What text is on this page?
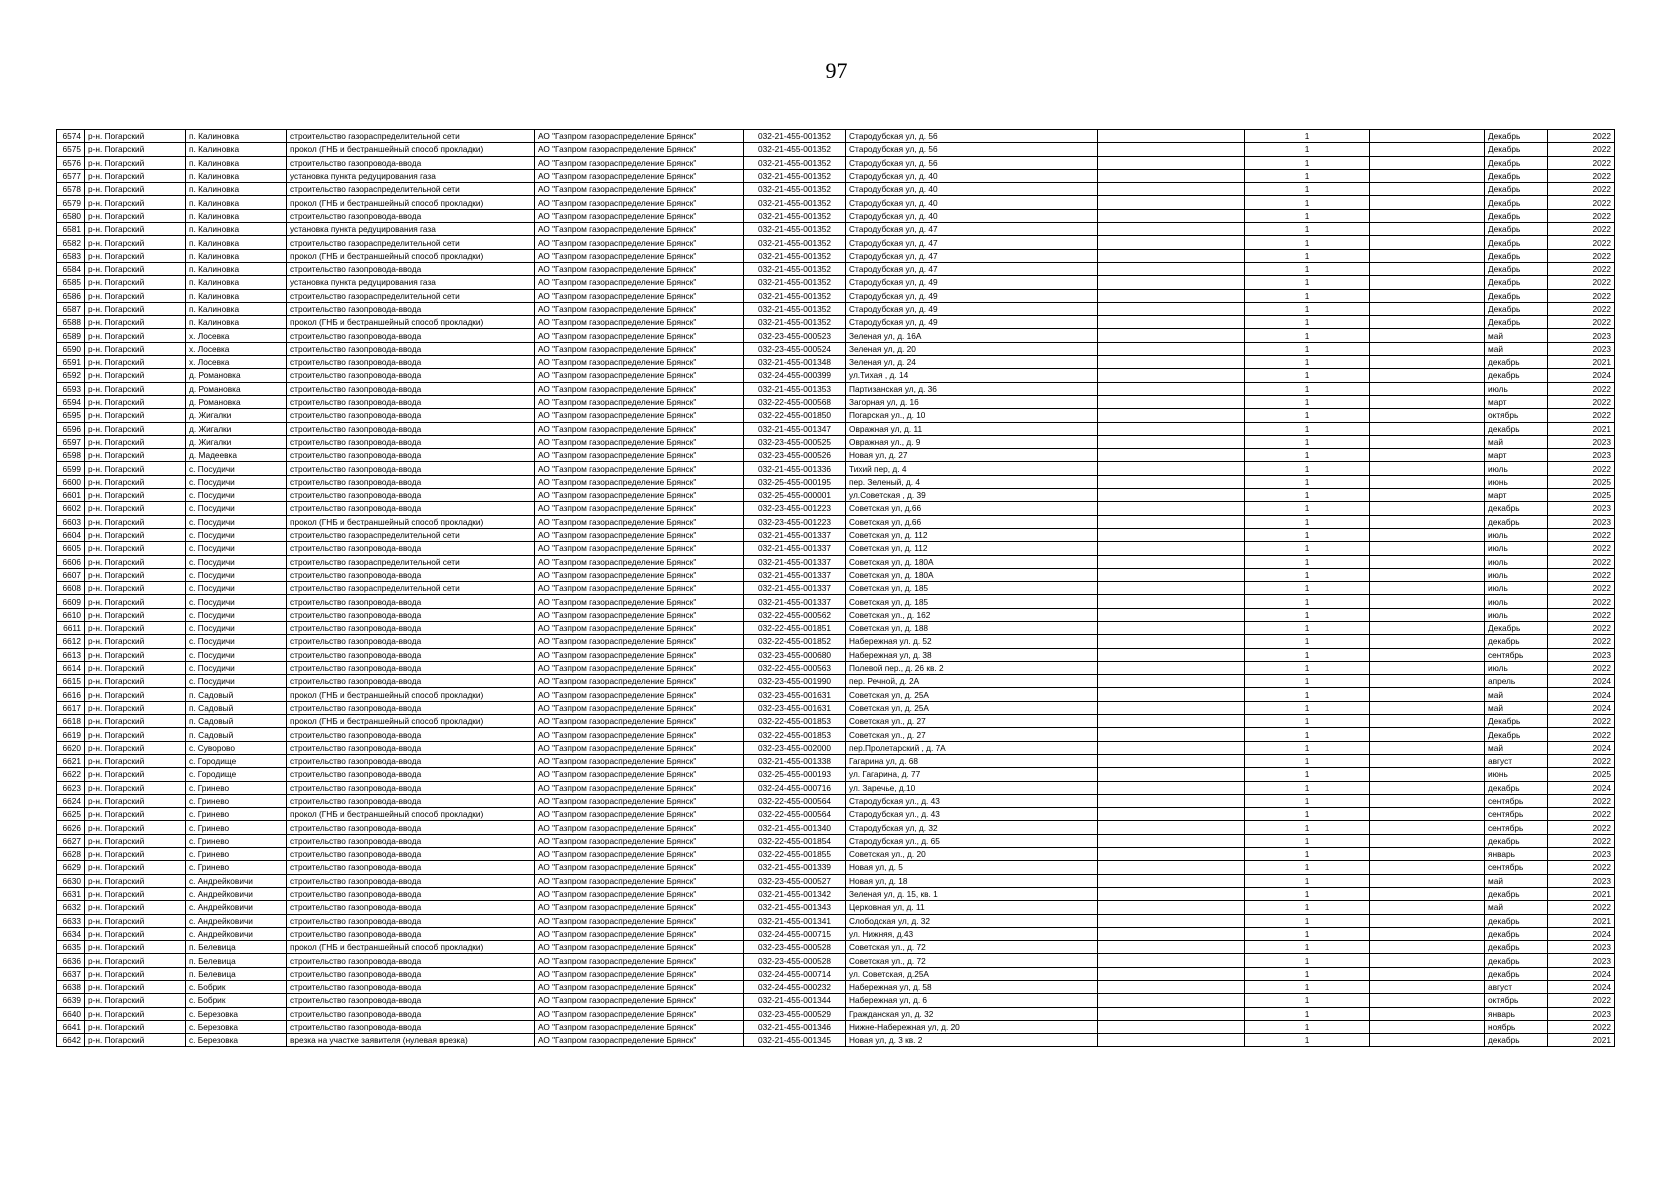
97
6574	р-н. Погарский	п. Калиновка	строительство газораспределительной сети	АО "Газпром газораспределение Брянск"	032-21-455-001352	Стародубская ул, д. 56		1		Декабрь	2022
6575	р-н. Погарский	п. Калиновка	прокол (ГНБ и бестраншейный способ прокладки)	АО "Газпром газораспределение Брянск"	032-21-455-001352	Стародубская ул, д. 56		1		Декабрь	2022
6576	р-н. Погарский	п. Калиновка	строительство газопровода-ввода	АО "Газпром газораспределение Брянск"	032-21-455-001352	Стародубская ул, д. 56		1		Декабрь	2022
6577	р-н. Погарский	п. Калиновка	установка пункта редуцирования газа	АО "Газпром газораспределение Брянск"	032-21-455-001352	Стародубская ул, д. 40		1		Декабрь	2022
6578	р-н. Погарский	п. Калиновка	строительство газораспределительной сети	АО "Газпром газораспределение Брянск"	032-21-455-001352	Стародубская ул, д. 40		1		Декабрь	2022
6579	р-н. Погарский	п. Калиновка	прокол (ГНБ и бестраншейный способ прокладки)	АО "Газпром газораспределение Брянск"	032-21-455-001352	Стародубская ул, д. 40		1		Декабрь	2022
6580	р-н. Погарский	п. Калиновка	строительство газопровода-ввода	АО "Газпром газораспределение Брянск"	032-21-455-001352	Стародубская ул, д. 40		1		Декабрь	2022
6581	р-н. Погарский	п. Калиновка	установка пункта редуцирования газа	АО "Газпром газораспределение Брянск"	032-21-455-001352	Стародубская ул, д. 47		1		Декабрь	2022
6582	р-н. Погарский	п. Калиновка	строительство газораспределительной сети	АО "Газпром газораспределение Брянск"	032-21-455-001352	Стародубская ул, д. 47		1		Декабрь	2022
6583	р-н. Погарский	п. Калиновка	прокол (ГНБ и бестраншейный способ прокладки)	АО "Газпром газораспределение Брянск"	032-21-455-001352	Стародубская ул, д. 47		1		Декабрь	2022
6584	р-н. Погарский	п. Калиновка	строительство газопровода-ввода	АО "Газпром газораспределение Брянск"	032-21-455-001352	Стародубская ул, д. 47		1		Декабрь	2022
6585	р-н. Погарский	п. Калиновка	установка пункта редуцирования газа	АО "Газпром газораспределение Брянск"	032-21-455-001352	Стародубская ул, д. 49		1		Декабрь	2022
6586	р-н. Погарский	п. Калиновка	строительство газораспределительной сети	АО "Газпром газораспределение Брянск"	032-21-455-001352	Стародубская ул, д. 49		1		Декабрь	2022
6587	р-н. Погарский	п. Калиновка	строительство газопровода-ввода	АО "Газпром газораспределение Брянск"	032-21-455-001352	Стародубская ул, д. 49		1		Декабрь	2022
6588	р-н. Погарский	п. Калиновка	прокол (ГНБ и бестраншейный способ прокладки)	АО "Газпром газораспределение Брянск"	032-21-455-001352	Стародубская ул, д. 49		1		Декабрь	2022
6589	р-н. Погарский	х. Лосевка	строительство газопровода-ввода	АО "Газпром газораспределение Брянск"	032-23-455-000523	Зеленая ул, д. 16А		1		май	2023
6590	р-н. Погарский	х. Лосевка	строительство газопровода-ввода	АО "Газпром газораспределение Брянск"	032-23-455-000524	Зеленая ул, д. 20		1		май	2023
6591	р-н. Погарский	х. Лосевка	строительство газопровода-ввода	АО "Газпром газораспределение Брянск"	032-21-455-001348	Зеленая ул, д. 24		1		декабрь	2021
6592	р-н. Погарский	д. Романовка	строительство газопровода-ввода	АО "Газпром газораспределение Брянск"	032-24-455-000399	ул.Тихая , д. 14		1		декабрь	2024
6593	р-н. Погарский	д. Романовка	строительство газопровода-ввода	АО "Газпром газораспределение Брянск"	032-21-455-001353	Партизанская ул, д. 36		1		июль	2022
6594	р-н. Погарский	д. Романовка	строительство газопровода-ввода	АО "Газпром газораспределение Брянск"	032-22-455-000568	Загорная ул, д. 16		1		март	2022
6595	р-н. Погарский	д. Жигалки	строительство газопровода-ввода	АО "Газпром газораспределение Брянск"	032-22-455-001850	Погарская ул., д. 10		1		октябрь	2022
6596	р-н. Погарский	д. Жигалки	строительство газопровода-ввода	АО "Газпром газораспределение Брянск"	032-21-455-001347	Овражная ул, д. 11		1		декабрь	2021
6597	р-н. Погарский	д. Жигалки	строительство газопровода-ввода	АО "Газпром газораспределение Брянск"	032-23-455-000525	Овражная ул., д. 9		1		май	2023
6598	р-н. Погарский	д. Мадеевка	строительство газопровода-ввода	АО "Газпром газораспределение Брянск"	032-23-455-000526	Новая ул, д. 27		1		март	2023
6599	р-н. Погарский	с. Посудичи	строительство газопровода-ввода	АО "Газпром газораспределение Брянск"	032-21-455-001336	Тихий пер, д. 4		1		июль	2022
6600	р-н. Погарский	с. Посудичи	строительство газопровода-ввода	АО "Газпром газораспределение Брянск"	032-25-455-000195	пер. Зеленый, д. 4		1		июнь	2025
6601	р-н. Погарский	с. Посудичи	строительство газопровода-ввода	АО "Газпром газораспределение Брянск"	032-25-455-000001	ул.Советская , д. 39		1		март	2025
6602	р-н. Погарский	с. Посудичи	строительство газопровода-ввода	АО "Газпром газораспределение Брянск"	032-23-455-001223	Советская ул, д.66		1		декабрь	2023
6603	р-н. Погарский	с. Посудичи	прокол (ГНБ и бестраншейный способ прокладки)	АО "Газпром газораспределение Брянск"	032-23-455-001223	Советская ул, д.66		1		декабрь	2023
6604	р-н. Погарский	с. Посудичи	строительство газораспределительной сети	АО "Газпром газораспределение Брянск"	032-21-455-001337	Советская ул, д. 112		1		июль	2022
6605	р-н. Погарский	с. Посудичи	строительство газопровода-ввода	АО "Газпром газораспределение Брянск"	032-21-455-001337	Советская ул, д. 112		1		июль	2022
6606	р-н. Погарский	с. Посудичи	строительство газораспределительной сети	АО "Газпром газораспределение Брянск"	032-21-455-001337	Советская ул, д. 180А		1		июль	2022
6607	р-н. Погарский	с. Посудичи	строительство газопровода-ввода	АО "Газпром газораспределение Брянск"	032-21-455-001337	Советская ул, д. 180А		1		июль	2022
6608	р-н. Погарский	с. Посудичи	строительство газораспределительной сети	АО "Газпром газораспределение Брянск"	032-21-455-001337	Советская ул, д. 185		1		июль	2022
6609	р-н. Погарский	с. Посудичи	строительство газопровода-ввода	АО "Газпром газораспределение Брянск"	032-21-455-001337	Советская ул, д. 185		1		июль	2022
6610	р-н. Погарский	с. Посудичи	строительство газопровода-ввода	АО "Газпром газораспределение Брянск"	032-22-455-000562	Советская ул., д. 162		1		июль	2022
6611	р-н. Погарский	с. Посудичи	строительство газопровода-ввода	АО "Газпром газораспределение Брянск"	032-22-455-001851	Советская ул, д. 188		1		Декабрь	2022
6612	р-н. Погарский	с. Посудичи	строительство газопровода-ввода	АО "Газпром газораспределение Брянск"	032-22-455-001852	Набережная ул. д. 52		1		декабрь	2022
6613	р-н. Погарский	с. Посудичи	строительство газопровода-ввода	АО "Газпром газораспределение Брянск"	032-23-455-000680	Набережная ул, д. 38		1		сентябрь	2023
6614	р-н. Погарский	с. Посудичи	строительство газопровода-ввода	АО "Газпром газораспределение Брянск"	032-22-455-000563	Полевой пер., д. 26 кв. 2		1		июль	2022
6615	р-н. Погарский	с. Посудичи	строительство газопровода-ввода	АО "Газпром газораспределение Брянск"	032-23-455-001990	пер. Речной, д. 2А		1		апрель	2024
6616	р-н. Погарский	п. Садовый	прокол (ГНБ и бестраншейный способ прокладки)	АО "Газпром газораспределение Брянск"	032-23-455-001631	Советская ул, д. 25А		1		май	2024
6617	р-н. Погарский	п. Садовый	строительство газопровода-ввода	АО "Газпром газораспределение Брянск"	032-23-455-001631	Советская ул, д. 25А		1		май	2024
6618	р-н. Погарский	п. Садовый	прокол (ГНБ и бестраншейный способ прокладки)	АО "Газпром газораспределение Брянск"	032-22-455-001853	Советская ул., д. 27		1		Декабрь	2022
6619	р-н. Погарский	п. Садовый	строительство газопровода-ввода	АО "Газпром газораспределение Брянск"	032-22-455-001853	Советская ул., д. 27		1		Декабрь	2022
6620	р-н. Погарский	с. Суворово	строительство газопровода-ввода	АО "Газпром газораспределение Брянск"	032-23-455-002000	пер.Пролетарский , д. 7А		1		май	2024
6621	р-н. Погарский	с. Городище	строительство газопровода-ввода	АО "Газпром газораспределение Брянск"	032-21-455-001338	Гагарина ул, д. 68		1		август	2022
6622	р-н. Погарский	с. Городище	строительство газопровода-ввода	АО "Газпром газораспределение Брянск"	032-25-455-000193	ул. Гагарина, д. 77		1		июнь	2025
6623	р-н. Погарский	с. Гринево	строительство газопровода-ввода	АО "Газпром газораспределение Брянск"	032-24-455-000716	ул. Заречье, д.10		1		декабрь	2024
6624	р-н. Погарский	с. Гринево	строительство газопровода-ввода	АО "Газпром газораспределение Брянск"	032-22-455-000564	Стародубская ул., д. 43		1		сентябрь	2022
6625	р-н. Погарский	с. Гринево	прокол (ГНБ и бестраншейный способ прокладки)	АО "Газпром газораспределение Брянск"	032-22-455-000564	Стародубская ул., д. 43		1		сентябрь	2022
6626	р-н. Погарский	с. Гринево	строительство газопровода-ввода	АО "Газпром газораспределение Брянск"	032-21-455-001340	Стародубская ул, д. 32		1		сентябрь	2022
6627	р-н. Погарский	с. Гринево	строительство газопровода-ввода	АО "Газпром газораспределение Брянск"	032-22-455-001854	Стародубская ул., д. 65		1		декабрь	2022
6628	р-н. Погарский	с. Гринево	строительство газопровода-ввода	АО "Газпром газораспределение Брянск"	032-22-455-001855	Советская ул., д. 20		1		январь	2023
6629	р-н. Погарский	с. Гринево	строительство газопровода-ввода	АО "Газпром газораспределение Брянск"	032-21-455-001339	Новая ул, д. 5		1		сентябрь	2022
6630	р-н. Погарский	с. Андрейковичи	строительство газопровода-ввода	АО "Газпром газораспределение Брянск"	032-23-455-000527	Новая ул, д. 18		1		май	2023
6631	р-н. Погарский	с. Андрейковичи	строительство газопровода-ввода	АО "Газпром газораспределение Брянск"	032-21-455-001342	Зеленая ул, д. 15, кв. 1		1		декабрь	2021
6632	р-н. Погарский	с. Андрейковичи	строительство газопровода-ввода	АО "Газпром газораспределение Брянск"	032-21-455-001343	Церковная ул, д. 11		1		май	2022
6633	р-н. Погарский	с. Андрейковичи	строительство газопровода-ввода	АО "Газпром газораспределение Брянск"	032-21-455-001341	Слободская ул, д. 32		1		декабрь	2021
6634	р-н. Погарский	с. Андрейковичи	строительство газопровода-ввода	АО "Газпром газораспределение Брянск"	032-24-455-000715	ул. Нижняя, д.43		1		декабрь	2024
6635	р-н. Погарский	п. Белевица	прокол (ГНБ и бестраншейный способ прокладки)	АО "Газпром газораспределение Брянск"	032-23-455-000528	Советская ул., д. 72		1		декабрь	2023
6636	р-н. Погарский	п. Белевица	строительство газопровода-ввода	АО "Газпром газораспределение Брянск"	032-23-455-000528	Советская ул., д. 72		1		декабрь	2023
6637	р-н. Погарский	п. Белевица	строительство газопровода-ввода	АО "Газпром газораспределение Брянск"	032-24-455-000714	ул. Советская, д.25А		1		декабрь	2024
6638	р-н. Погарский	с. Бобрик	строительство газопровода-ввода	АО "Газпром газораспределение Брянск"	032-24-455-000232	Набережная ул, д. 58		1		август	2024
6639	р-н. Погарский	с. Бобрик	строительство газопровода-ввода	АО "Газпром газораспределение Брянск"	032-21-455-001344	Набережная ул, д. 6		1		октябрь	2022
6640	р-н. Погарский	с. Березовка	строительство газопровода-ввода	АО "Газпром газораспределение Брянск"	032-23-455-000529	Гражданская ул, д. 32		1		январь	2023
6641	р-н. Погарский	с. Березовка	строительство газопровода-ввода	АО "Газпром газораспределение Брянск"	032-21-455-001346	Нижне-Набережная ул, д. 20		1		ноябрь	2022
6642	р-н. Погарский	с. Березовка	врезка на участке заявителя (нулевая врезка)	АО "Газпром газораспределение Брянск"	032-21-455-001345	Новая ул, д. 3 кв. 2		1		декабрь	2021
